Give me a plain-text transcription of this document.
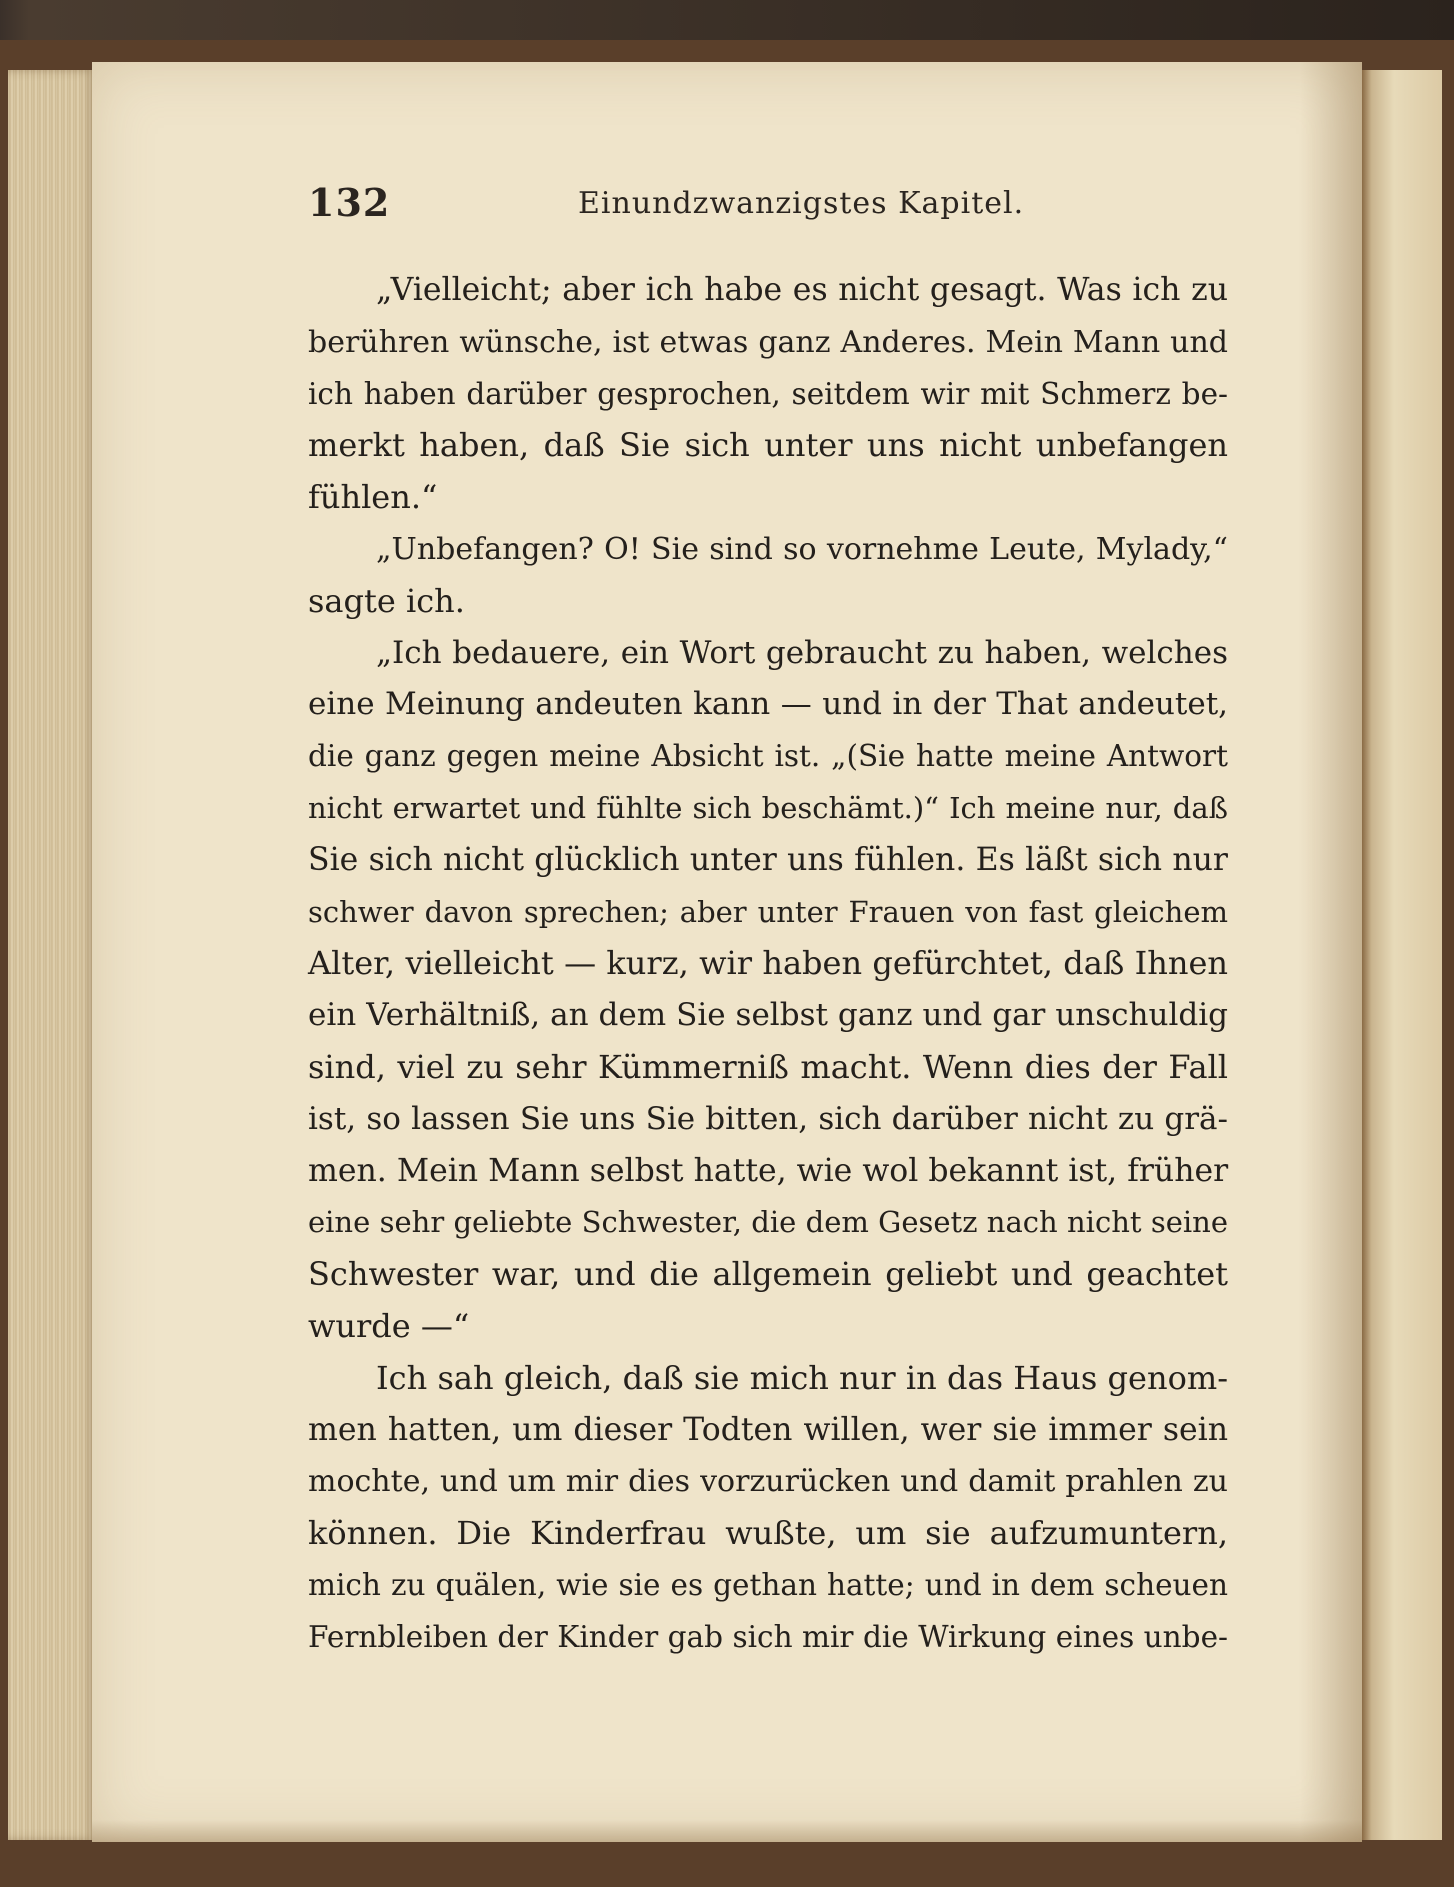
132	Einundzwanzigstes Kapitel.
„Vielleicht; aber ich habe es nicht gesagt. Was ich zu
berühren wünsche, ist etwas ganz Anderes. Mein Mann und
ich haben darüber gesprochen, seitdem wir mit Schmerz be-
merkt haben, daß Sie sich unter uns nicht unbefangen
fühlen.“
„Unbefangen? O! Sie sind so vornehme Leute, Mylady,“
sagte ich.
„Ich bedauere, ein Wort gebraucht zu haben, welches
eine Meinung andeuten kann — und in der That andeutet,
die ganz gegen meine Absicht ist. „(Sie hatte meine Antwort
nicht erwartet und fühlte sich beschämt.)“ Ich meine nur, daß
Sie sich nicht glücklich unter uns fühlen. Es läßt sich nur
schwer davon sprechen; aber unter Frauen von fast gleichem
Alter, vielleicht — kurz, wir haben gefürchtet, daß Ihnen
ein Verhältniß, an dem Sie selbst ganz und gar unschuldig
sind, viel zu sehr Kümmerniß macht. Wenn dies der Fall
ist, so lassen Sie uns Sie bitten, sich darüber nicht zu grä-
men. Mein Mann selbst hatte, wie wol bekannt ist, früher
eine sehr geliebte Schwester, die dem Gesetz nach nicht seine
Schwester war, und die allgemein geliebt und geachtet
wurde —“
Ich sah gleich, daß sie mich nur in das Haus genom-
men hatten, um dieser Todten willen, wer sie immer sein
mochte, und um mir dies vorzurücken und damit prahlen zu
können. Die Kinderfrau wußte, um sie aufzumuntern,
mich zu quälen, wie sie es gethan hatte; und in dem scheuen
Fernbleiben der Kinder gab sich mir die Wirkung eines unbe-
